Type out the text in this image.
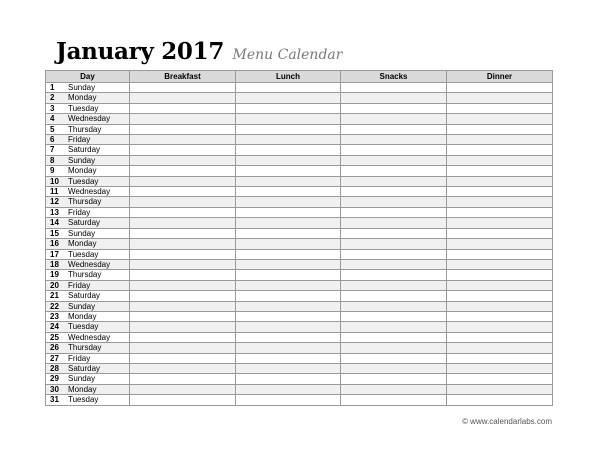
January 2017 Menu Calendar
Day	Breakfast	Lunch	Snacks	Dinner
1 Sunday				
2 Monday				
3 Tuesday				
4 Wednesday				
5 Thursday				
6 Friday				
7 Saturday				
8 Sunday				
9 Monday				
10 Tuesday				
11 Wednesday				
12 Thursday				
13 Friday				
14 Saturday				
15 Sunday				
16 Monday				
17 Tuesday				
18 Wednesday				
19 Thursday				
20 Friday				
21 Saturday				
22 Sunday				
23 Monday				
24 Tuesday				
25 Wednesday				
26 Thursday				
27 Friday				
28 Saturday				
29 Sunday				
30 Monday				
31 Tuesday				
© www.calendarlabs.com
